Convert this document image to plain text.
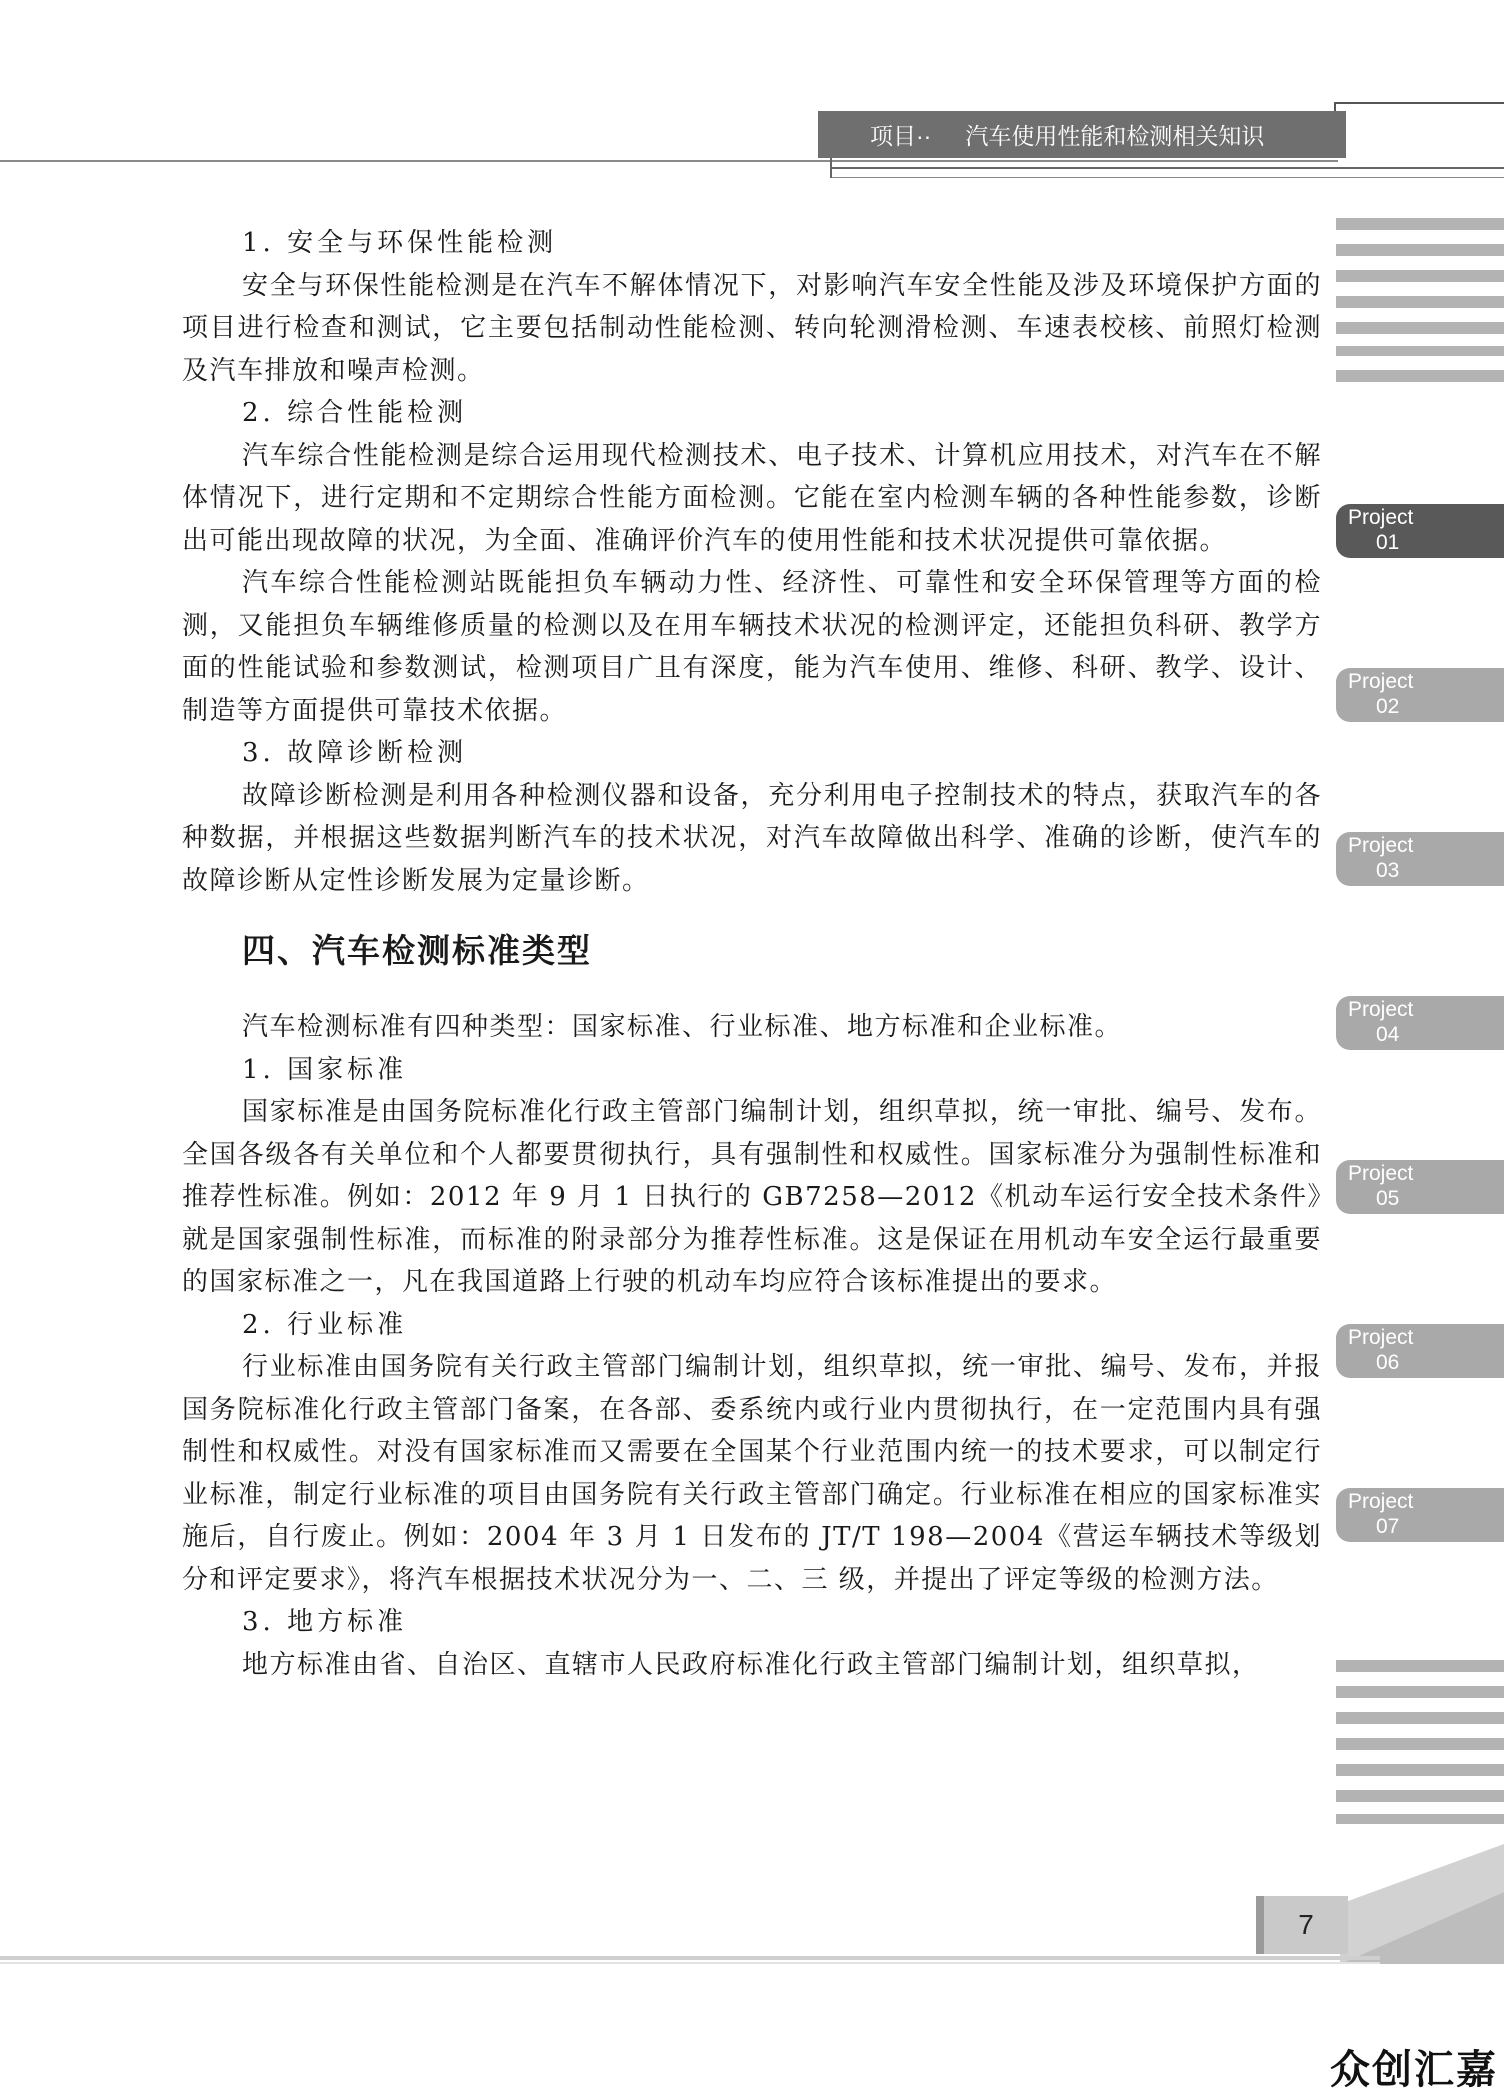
项目·· 汽车使用性能和检测相关知识
Project
01
Project
02
Project
03
Project
04
Project
05
Project
06
Project
07

1. 安全与环保性能检测

安全与环保性能检测是在汽车不解体情况下，对影响汽车安全性能及涉及环境保护方面的项目进行检查和测试，它主要包括制动性能检测、转向轮测滑检测、车速表校核、前照灯检测及汽车排放和噪声检测。

2. 综合性能检测

汽车综合性能检测是综合运用现代检测技术、电子技术、计算机应用技术，对汽车在不解体情况下，进行定期和不定期综合性能方面检测。它能在室内检测车辆的各种性能参数，诊断出可能出现故障的状况，为全面、准确评价汽车的使用性能和技术状况提供可靠依据。

汽车综合性能检测站既能担负车辆动力性、经济性、可靠性和安全环保管理等方面的检测，又能担负车辆维修质量的检测以及在用车辆技术状况的检测评定，还能担负科研、教学方面的性能试验和参数测试，检测项目广且有深度，能为汽车使用、维修、科研、教学、设计、制造等方面提供可靠技术依据。

3. 故障诊断检测

故障诊断检测是利用各种检测仪器和设备，充分利用电子控制技术的特点，获取汽车的各种数据，并根据这些数据判断汽车的技术状况，对汽车故障做出科学、准确的诊断，使汽车的故障诊断从定性诊断发展为定量诊断。

四、汽车检测标准类型

汽车检测标准有四种类型：国家标准、行业标准、地方标准和企业标准。

1. 国家标准

国家标准是由国务院标准化行政主管部门编制计划，组织草拟，统一审批、编号、发布。全国各级各有关单位和个人都要贯彻执行，具有强制性和权威性。国家标准分为强制性标准和推荐性标准。例如：2012 年 9 月 1 日执行的 GB7258—2012《机动车运行安全技术条件》就是国家强制性标准，而标准的附录部分为推荐性标准。这是保证在用机动车安全运行最重要的国家标准之一，凡在我国道路上行驶的机动车均应符合该标准提出的要求。

2. 行业标准

行业标准由国务院有关行政主管部门编制计划，组织草拟，统一审批、编号、发布，并报国务院标准化行政主管部门备案，在各部、委系统内或行业内贯彻执行，在一定范围内具有强制性和权威性。对没有国家标准而又需要在全国某个行业范围内统一的技术要求，可以制定行业标准，制定行业标准的项目由国务院有关行政主管部门确定。行业标准在相应的国家标准实施后，自行废止。例如：2004 年 3 月 1 日发布的 JT/T 198—2004《营运车辆技术等级划分和评定要求》，将汽车根据技术状况分为一、二、三 级，并提出了评定等级的检测方法。

3. 地方标准

地方标准由省、自治区、直辖市人民政府标准化行政主管部门编制计划，组织草拟，

7
众创汇嘉
